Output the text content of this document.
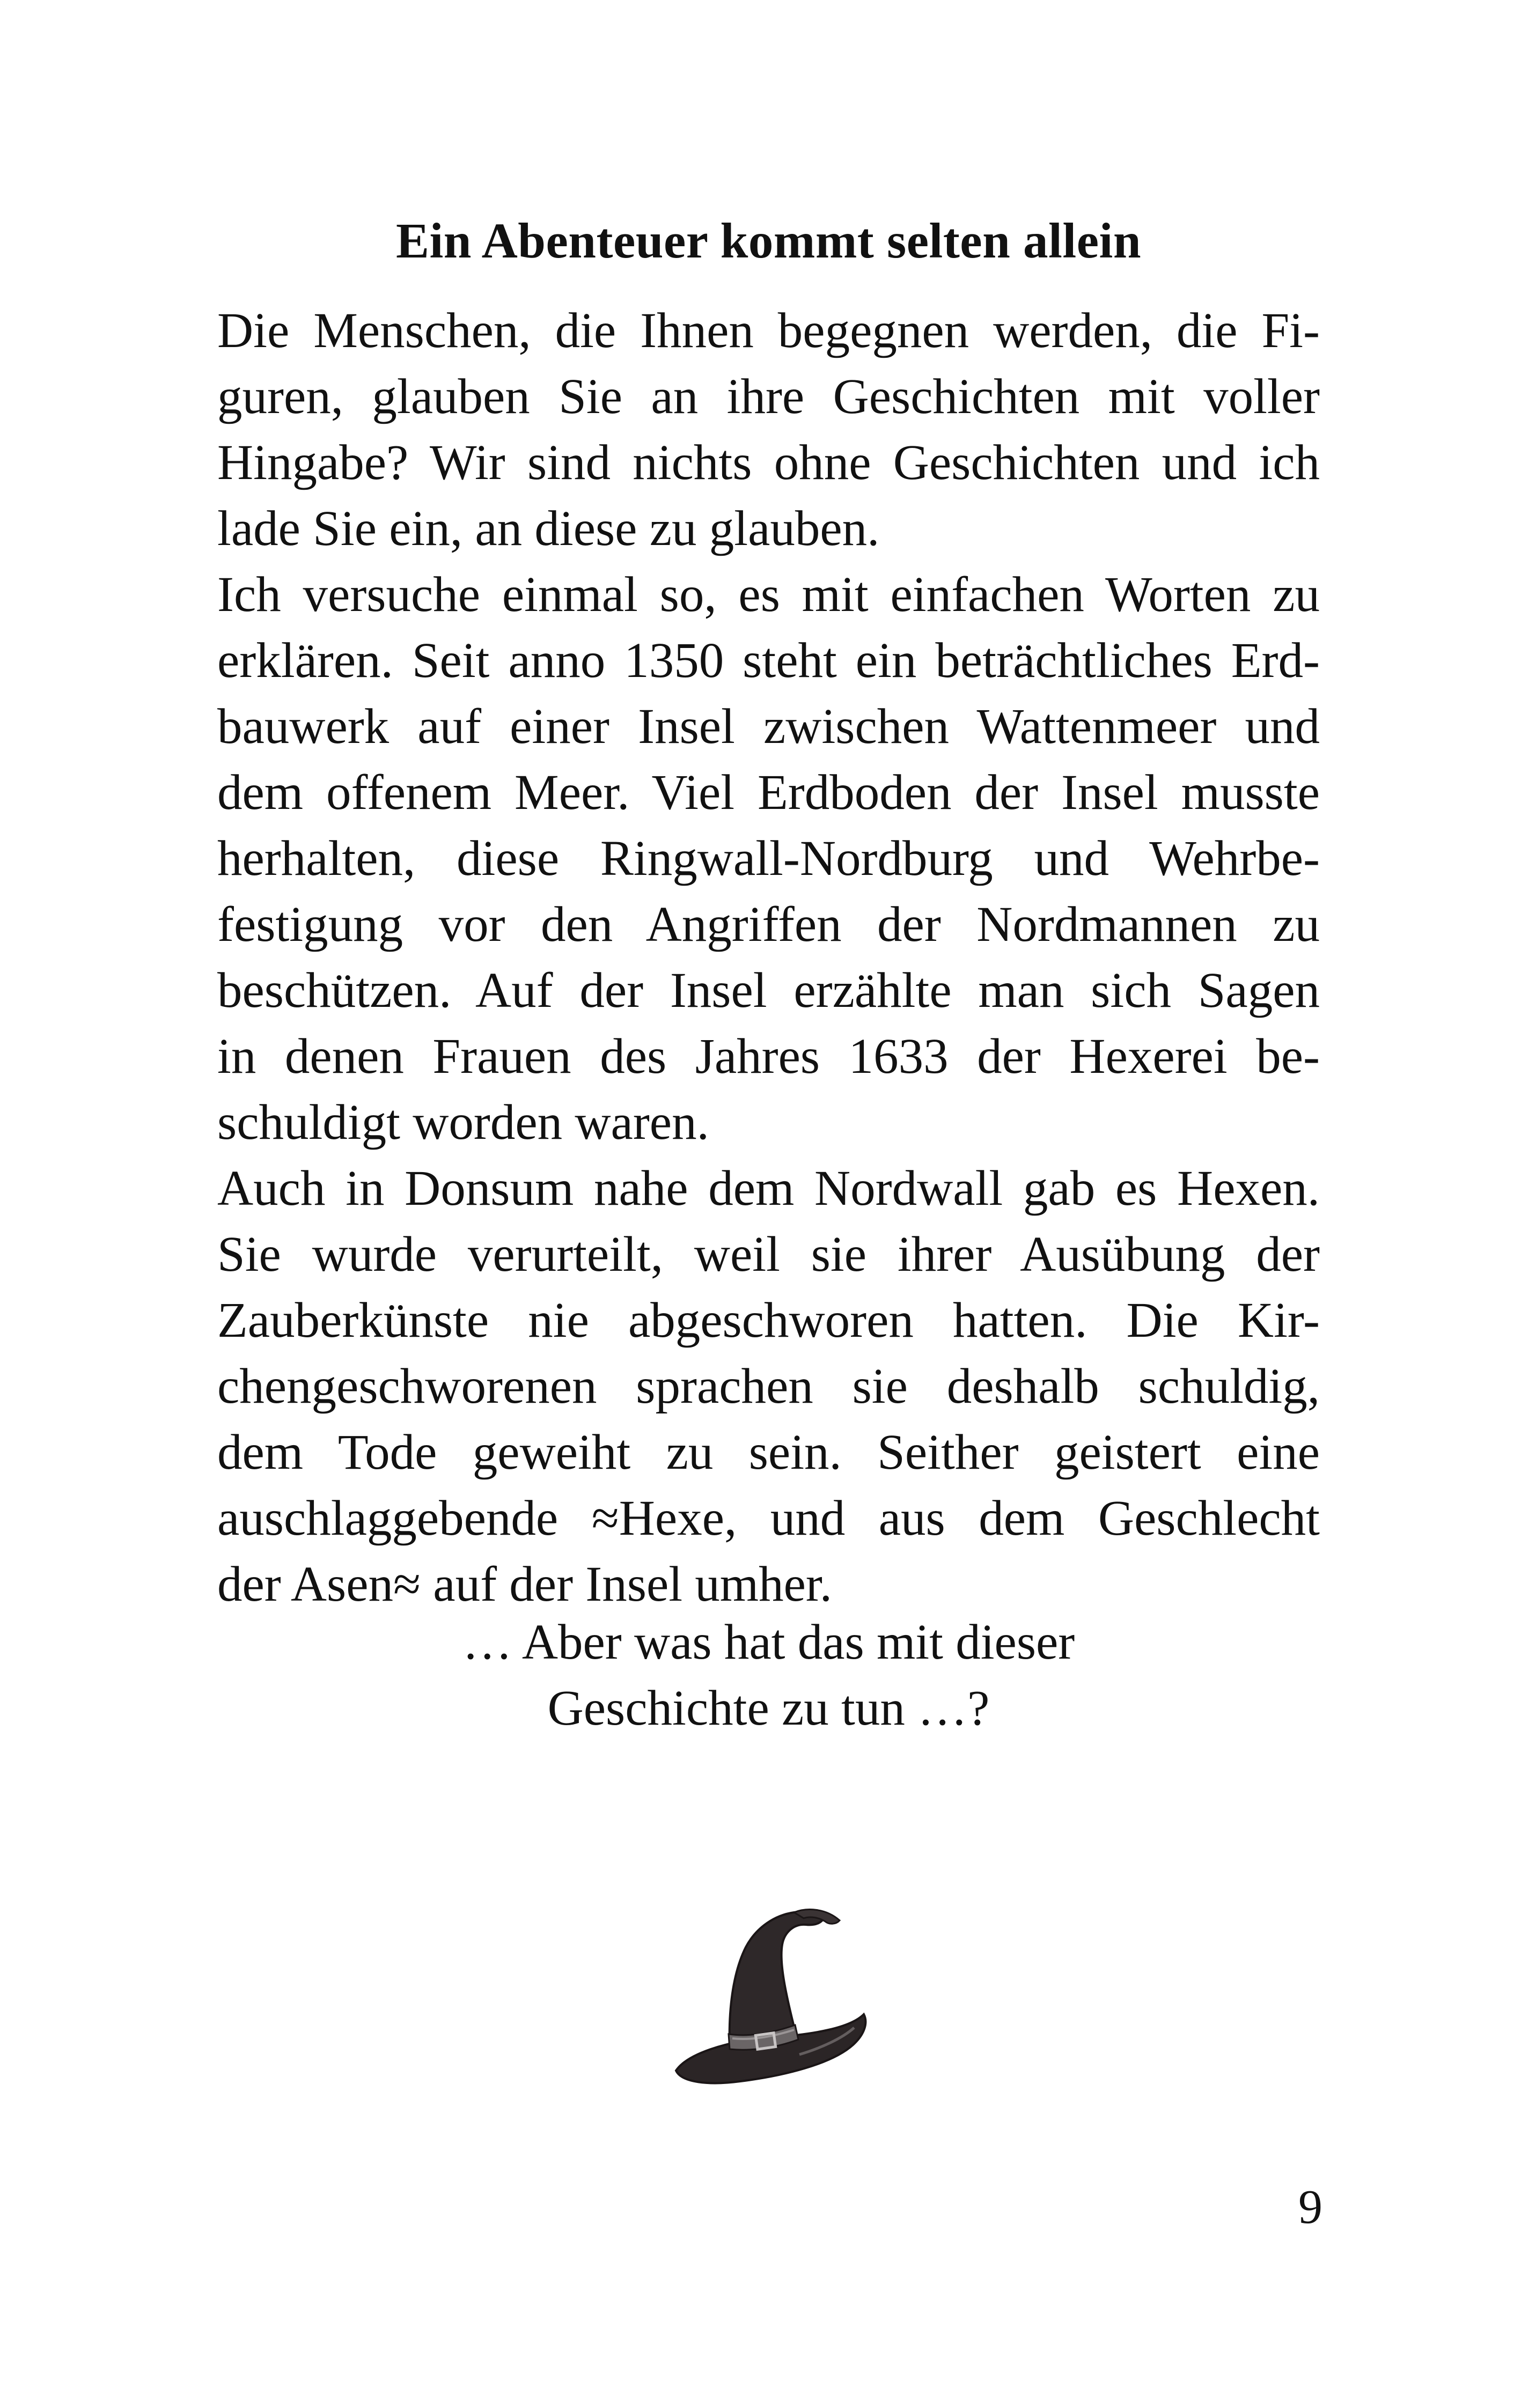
Ein Abenteuer kommt selten allein
Die Menschen, die Ihnen begegnen werden, die Fi-
guren, glauben Sie an ihre Geschichten mit voller
Hingabe? Wir sind nichts ohne Geschichten und ich
lade Sie ein, an diese zu glauben.
Ich versuche einmal so, es mit einfachen Worten zu
erklären. Seit anno 1350 steht ein beträchtliches Erd-
bauwerk auf einer Insel zwischen Wattenmeer und
dem offenem Meer. Viel Erdboden der Insel musste
herhalten, diese Ringwall-Nordburg und Wehrbe-
festigung vor den Angriffen der Nordmannen zu
beschützen. Auf der Insel erzählte man sich Sagen
in denen Frauen des Jahres 1633 der Hexerei be-
schuldigt worden waren.
Auch in Donsum nahe dem Nordwall gab es Hexen.
Sie wurde verurteilt, weil sie ihrer Ausübung der
Zauberkünste nie abgeschworen hatten. Die Kir-
chengeschworenen sprachen sie deshalb schuldig,
dem Tode geweiht zu sein. Seither geistert eine
auschlaggebende ≈Hexe, und aus dem Geschlecht
der Asen≈ auf der Insel umher.
… Aber was hat das mit dieser
Geschichte zu tun …?
9
